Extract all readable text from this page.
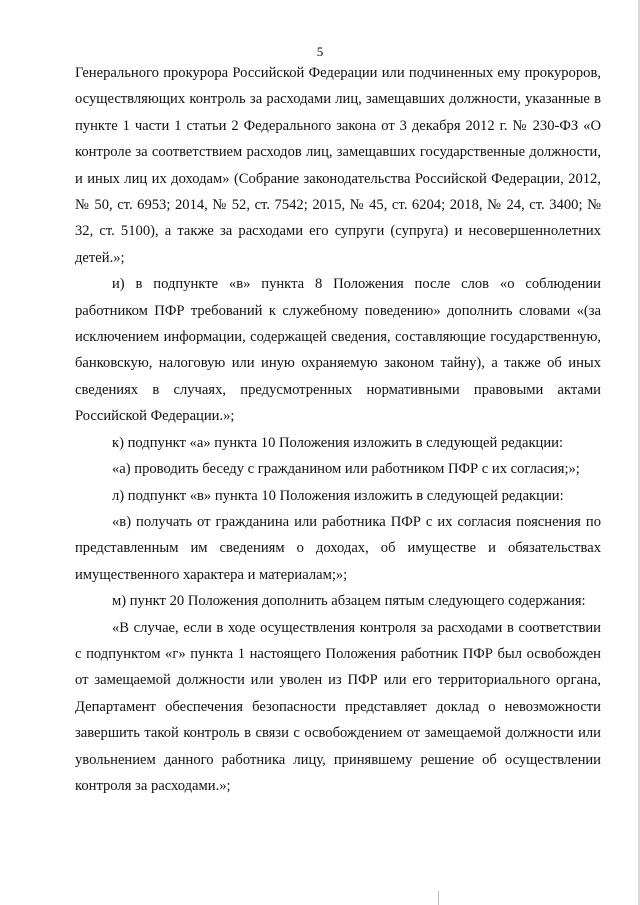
5

Генерального прокурора Российской Федерации или подчиненных ему прокуроров, осуществляющих контроль за расходами лиц, замещавших должности, указанные в пункте 1 части 1 статьи 2 Федерального закона от 3 декабря 2012 г. № 230-ФЗ «О контроле за соответствием расходов лиц, замещавших государственные должности, и иных лиц их доходам» (Собрание законодательства Российской Федерации, 2012, № 50, ст. 6953; 2014, № 52, ст. 7542; 2015, № 45, ст. 6204; 2018, № 24, ст. 3400; № 32, ст. 5100), а также за расходами его супруги (супруга) и несовершеннолетних детей.»;

и) в подпункте «в» пункта 8 Положения после слов «о соблюдении работником ПФР требований к служебному поведению» дополнить словами «(за исключением информации, содержащей сведения, составляющие государственную, банковскую, налоговую или иную охраняемую законом тайну), а также об иных сведениях в случаях, предусмотренных нормативными правовыми актами Российской Федерации.»;

к) подпункт «а» пункта 10 Положения изложить в следующей редакции:

«а) проводить беседу с гражданином или работником ПФР с их согласия;»;

л) подпункт «в» пункта 10 Положения изложить в следующей редакции:

«в) получать от гражданина или работника ПФР с их согласия пояснения по представленным им сведениям о доходах, об имуществе и обязательствах имущественного характера и материалам;»;

м) пункт 20 Положения дополнить абзацем пятым следующего содержания:

«В случае, если в ходе осуществления контроля за расходами в соответствии с подпунктом «г» пункта 1 настоящего Положения работник ПФР был освобожден от замещаемой должности или уволен из ПФР или его территориального органа, Департамент обеспечения безопасности представляет доклад о невозможности завершить такой контроль в связи с освобождением от замещаемой должности или увольнением данного работника лицу, принявшему решение об осуществлении контроля за расходами.»;
